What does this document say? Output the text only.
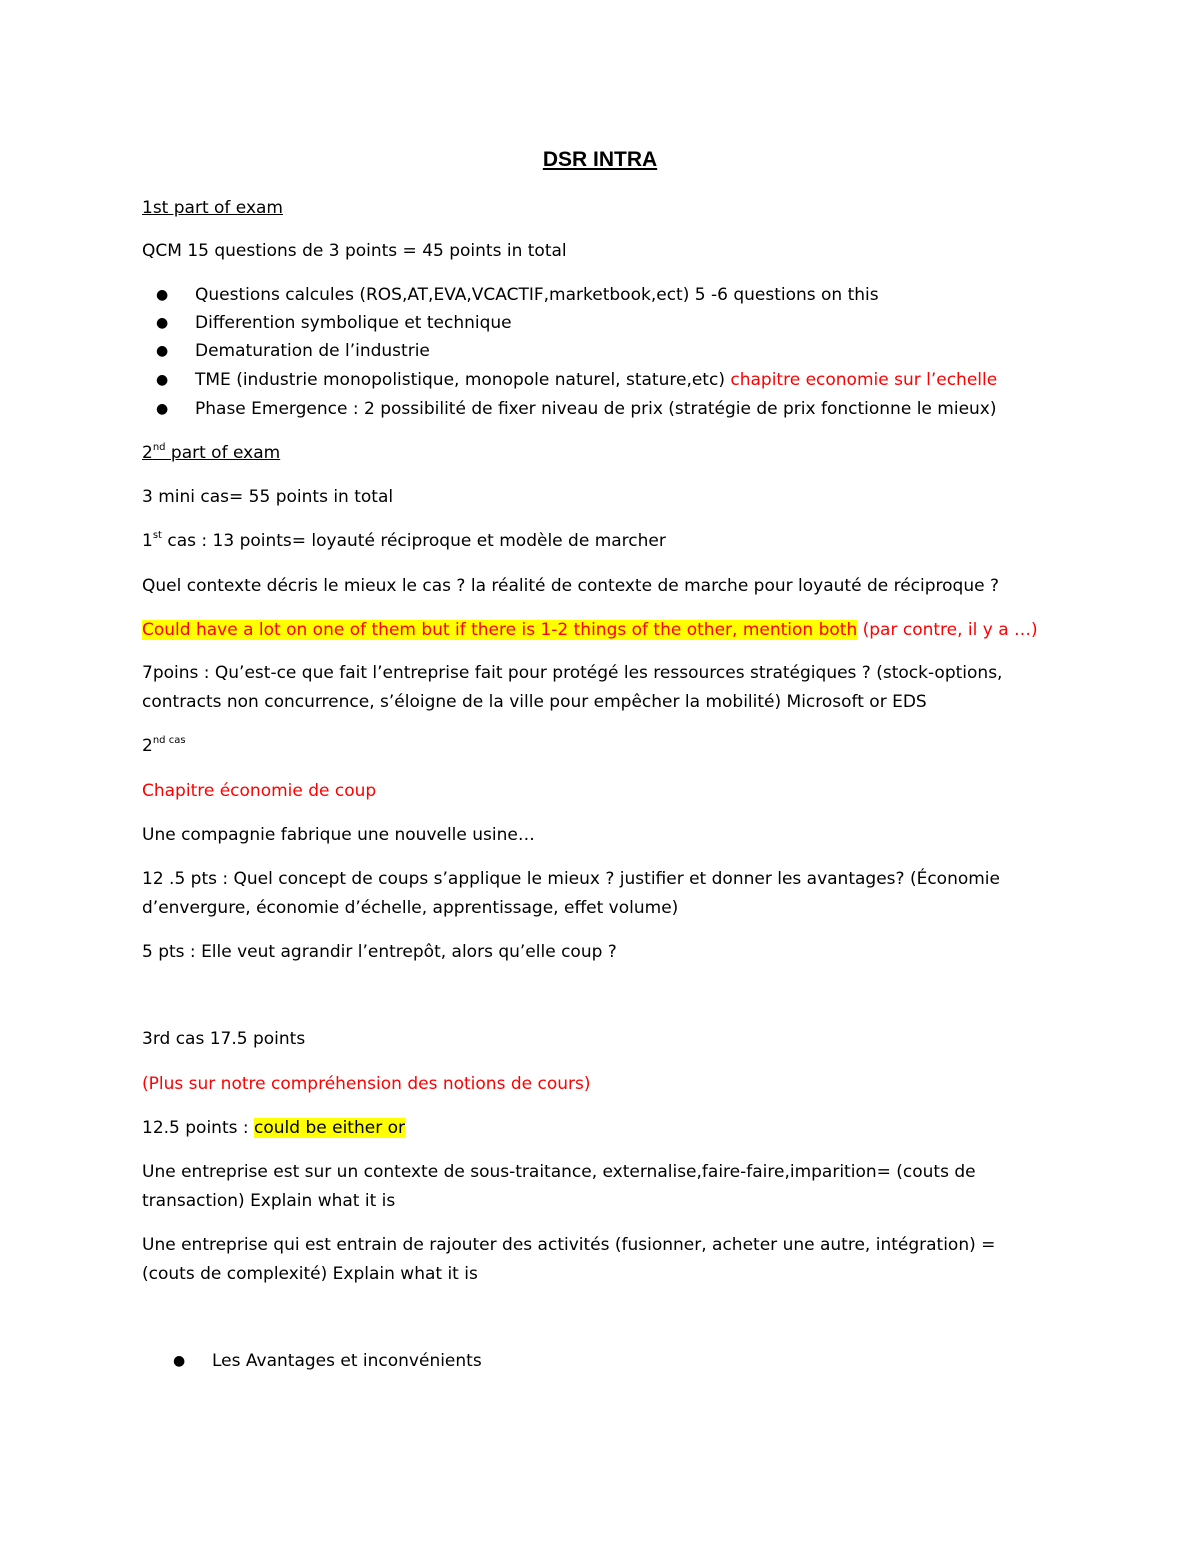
DSR INTRA
1st part of exam
QCM 15 questions de 3 points = 45 points in total
● Questions calcules (ROS,AT,EVA,VCACTIF,marketbook,ect) 5 -6 questions on this
● Differention symbolique et technique
● Dematuration de l’industrie
● TME (industrie monopolistique, monopole naturel, stature,etc) chapitre economie sur l’echelle
● Phase Emergence : 2 possibilité de fixer niveau de prix (stratégie de prix fonctionne le mieux)
2nd part of exam
3 mini cas= 55 points in total
1st cas : 13 points= loyauté réciproque et modèle de marcher
Quel contexte décris le mieux le cas ? la réalité de contexte de marche pour loyauté de réciproque ?
Could have a lot on one of them but if there is 1-2 things of the other, mention both (par contre, il y a …)
7poins : Qu’est-ce que fait l’entreprise fait pour protégé les ressources stratégiques ? (stock-options,
contracts non concurrence, s’éloigne de la ville pour empêcher la mobilité) Microsoft or EDS
$2^{nd cas}$
Chapitre économie de coup
Une compagnie fabrique une nouvelle usine…
12 .5 pts : Quel concept de coups s’applique le mieux ? justifier et donner les avantages? (Économie
d’envergure, économie d’échelle, apprentissage, effet volume)
5 pts : Elle veut agrandir l’entrepôt, alors qu’elle coup ?
3rd cas 17.5 points
(Plus sur notre compréhension des notions de cours)
12.5 points : could be either or
Une entreprise est sur un contexte de sous-traitance, externalise,faire-faire,imparition= (couts de
transaction) Explain what it is
Une entreprise qui est entrain de rajouter des activités (fusionner, acheter une autre, intégration) =
(couts de complexité) Explain what it is
● Les Avantages et inconvénients
